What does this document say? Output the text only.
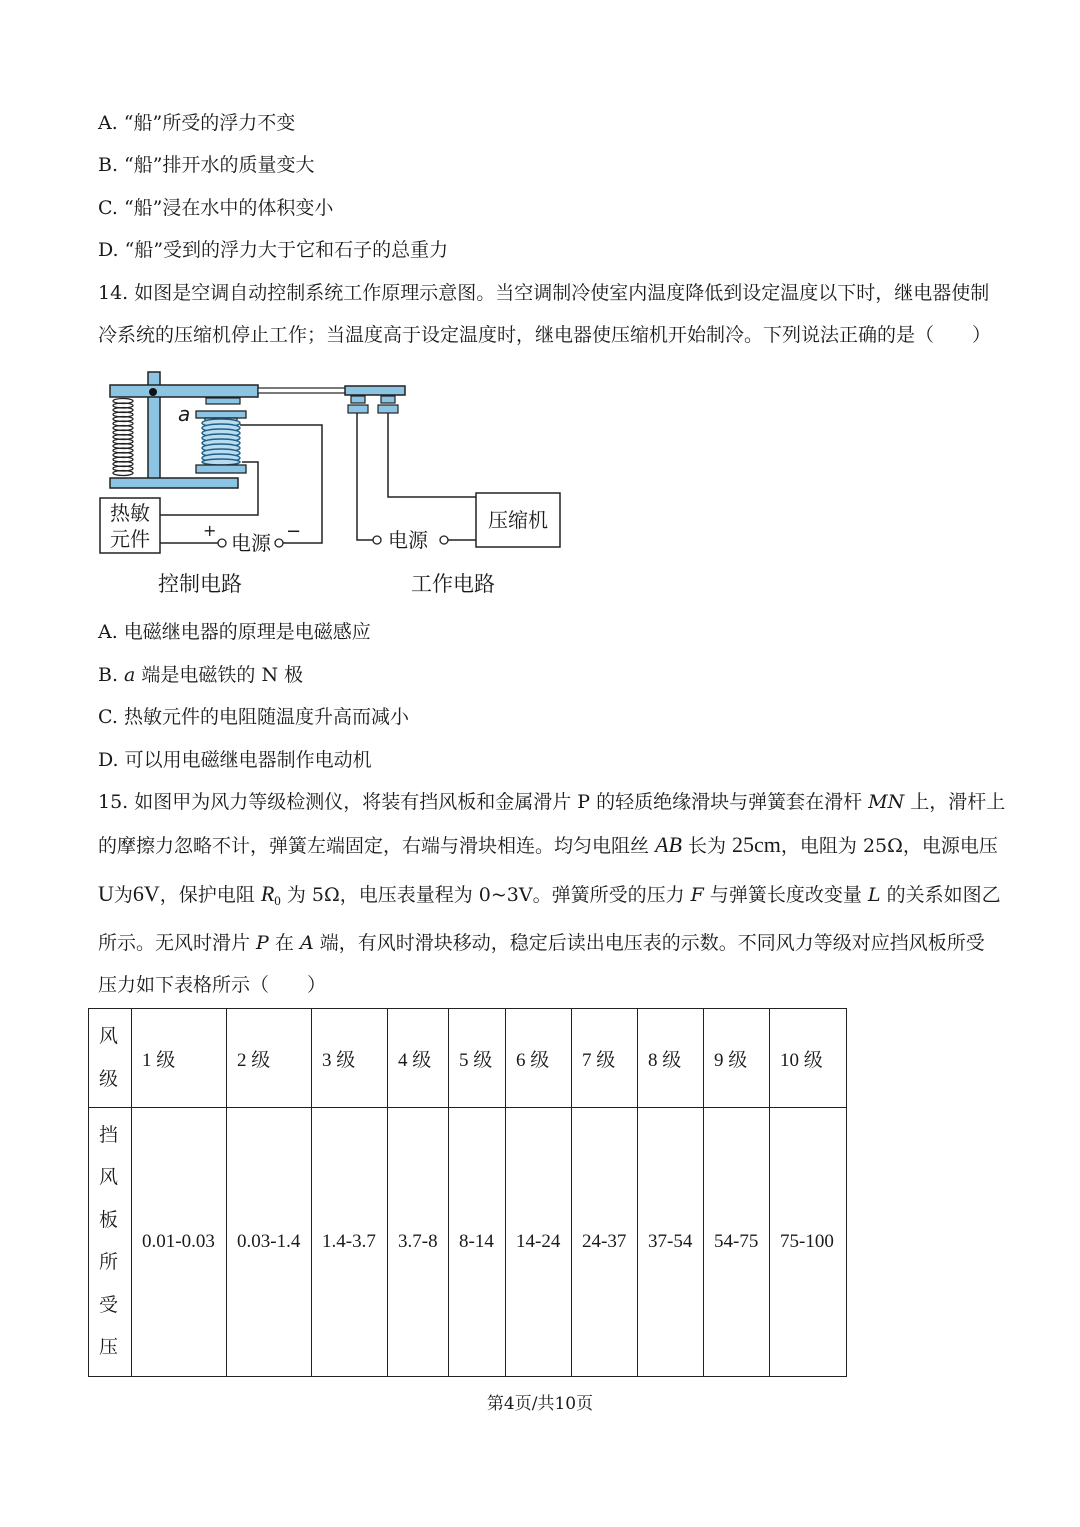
A. “船”所受的浮力不变
B. “船”排开水的质量变大
C. “船”浸在水中的体积变小
D. “船”受到的浮力大于它和石子的总重力
14. 如图是空调自动控制系统工作原理示意图。当空调制冷使室内温度降低到设定温度以下时，继电器使制
冷系统的压缩机停止工作；当温度高于设定温度时，继电器使压缩机开始制冷。下列说法正确的是（　　）
a
热敏
元件	+
电源 −	电源
压缩机
控制电路	工作电路
A. 电磁继电器的原理是电磁感应
B. a 端是电磁铁的 N 极
C. 热敏元件的电阻随温度升高而减小
D. 可以用电磁继电器制作电动机
15. 如图甲为风力等级检测仪，将装有挡风板和金属滑片 P 的轻质绝缘滑块与弹簧套在滑杆 MN 上，滑杆上
的摩擦力忽略不计，弹簧左端固定，右端与滑块相连。均匀电阻丝 AB 长为 25cm，电阻为 25Ω，电源电压
U为6V，保护电阻 $R_0$ 为 5Ω，电压表量程为 0~3V。弹簧所受的压力 F 与弹簧长度改变量 L 的关系如图乙
所示。无风时滑片 P 在 A 端，有风时滑块移动，稳定后读出电压表的示数。不同风力等级对应挡风板所受
压力如下表格所示（　　）
风级	1 级	2 级	3 级	4 级	5 级	6 级	7 级	8 级	9 级	10 级

挡风板所受压	0.01-0.03	0.03-1.4	1.4-3.7	3.7-8	8-14	14-24	24-37	37-54	54-75	75-100
第4页/共10页
